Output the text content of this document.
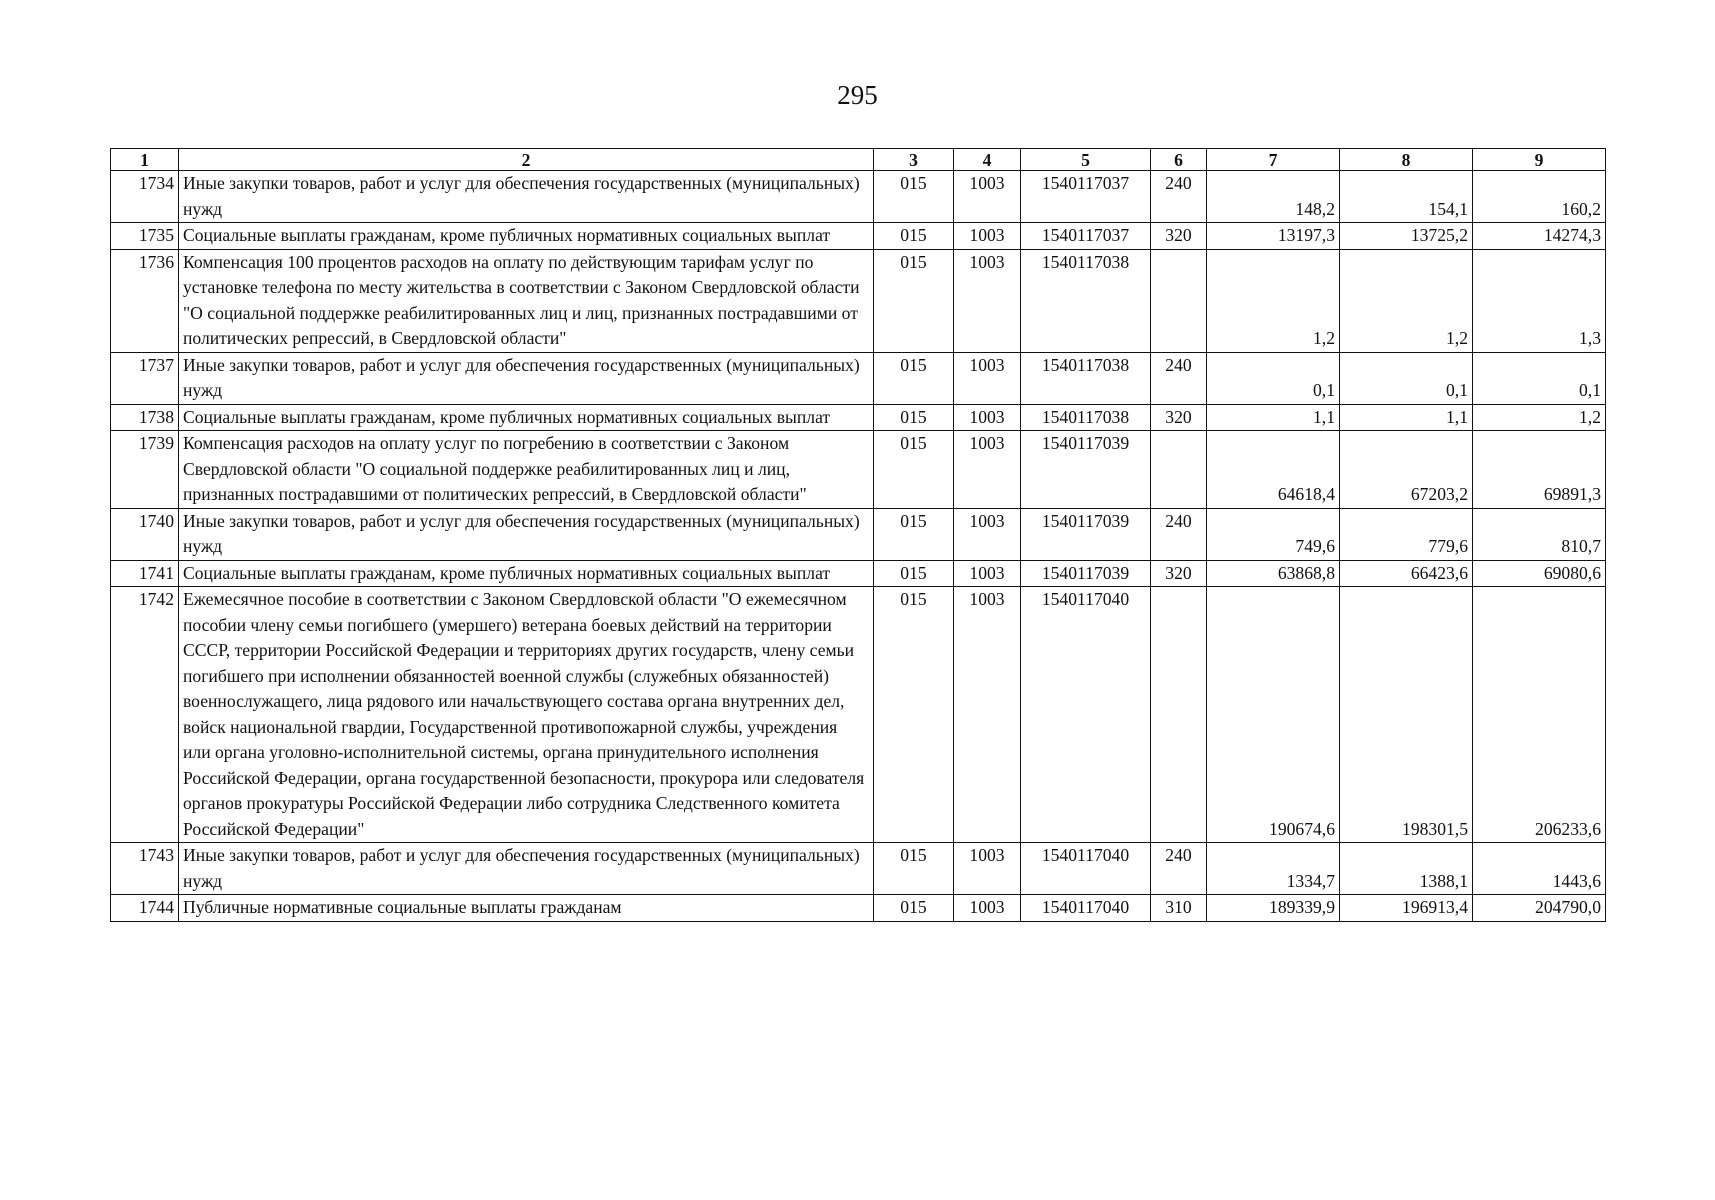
295
1	2	3	4	5	6	7	8	9
1734	Иные закупки товаров, работ и услуг для обеспечения государственных (муниципальных) нужд	015	1003	1540117037	240	148,2	154,1	160,2
1735	Социальные выплаты гражданам, кроме публичных нормативных социальных выплат	015	1003	1540117037	320	13197,3	13725,2	14274,3
1736	Компенсация 100 процентов расходов на оплату по действующим тарифам услуг по установке телефона по месту жительства в соответствии с Законом Свердловской области "О социальной поддержке реабилитированных лиц и лиц, признанных пострадавшими от политических репрессий, в Свердловской области"	015	1003	1540117038		1,2	1,2	1,3
1737	Иные закупки товаров, работ и услуг для обеспечения государственных (муниципальных) нужд	015	1003	1540117038	240	0,1	0,1	0,1
1738	Социальные выплаты гражданам, кроме публичных нормативных социальных выплат	015	1003	1540117038	320	1,1	1,1	1,2
1739	Компенсация расходов на оплату услуг по погребению в соответствии с Законом Свердловской области "О социальной поддержке реабилитированных лиц и лиц, признанных пострадавшими от политических репрессий, в Свердловской области"	015	1003	1540117039		64618,4	67203,2	69891,3
1740	Иные закупки товаров, работ и услуг для обеспечения государственных (муниципальных) нужд	015	1003	1540117039	240	749,6	779,6	810,7
1741	Социальные выплаты гражданам, кроме публичных нормативных социальных выплат	015	1003	1540117039	320	63868,8	66423,6	69080,6
1742	Ежемесячное пособие в соответствии с Законом Свердловской области "О ежемесячном пособии члену семьи погибшего (умершего) ветерана боевых действий на территории СССР, территории Российской Федерации и территориях других государств, члену семьи погибшего при исполнении обязанностей военной службы (служебных обязанностей) военнослужащего, лица рядового или начальствующего состава органа внутренних дел, войск национальной гвардии, Государственной противопожарной службы, учреждения или органа уголовно-исполнительной системы, органа принудительного исполнения Российской Федерации, органа государственной безопасности, прокурора или следователя органов прокуратуры Российской Федерации либо сотрудника Следственного комитета Российской Федерации"	015	1003	1540117040		190674,6	198301,5	206233,6
1743	Иные закупки товаров, работ и услуг для обеспечения государственных (муниципальных) нужд	015	1003	1540117040	240	1334,7	1388,1	1443,6
1744	Публичные нормативные социальные выплаты гражданам	015	1003	1540117040	310	189339,9	196913,4	204790,0
